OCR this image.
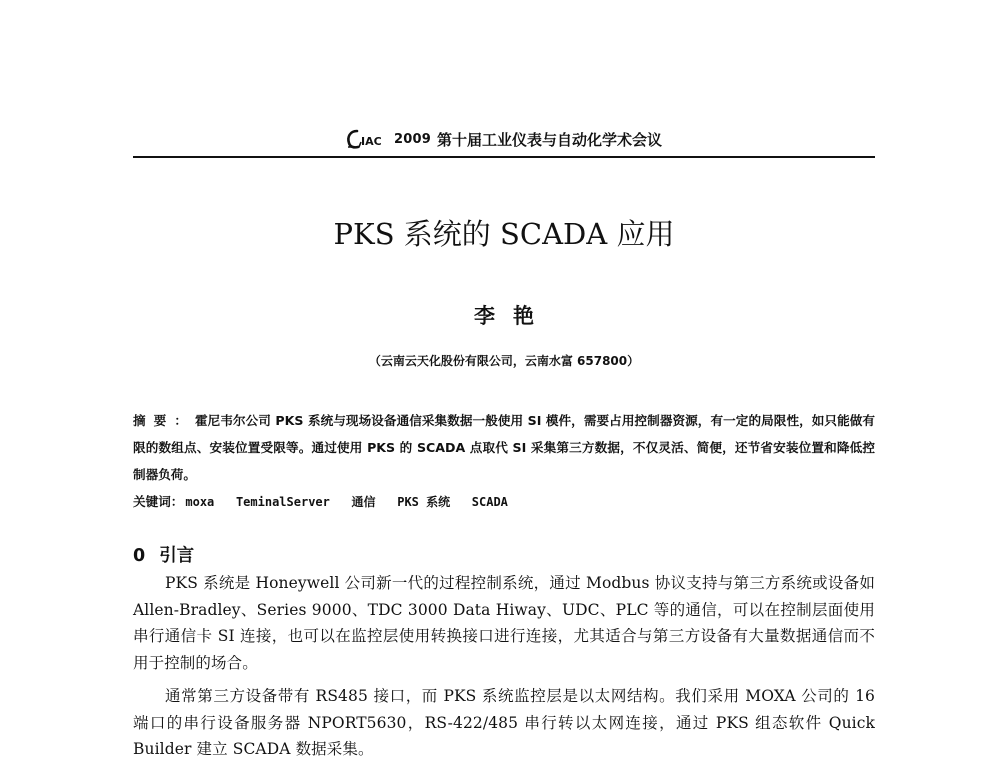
IAC 2009 第十届工业仪表与自动化学术会议
PKS 系统的 SCADA 应用
李艳
（云南云天化股份有限公司，云南水富 657800）
摘要：霍尼韦尔公司 PKS 系统与现场设备通信采集数据一般使用 SI 模件，需要占用控制器资源，有一定的局限性，如只能做有限的数组点、安装位置受限等。通过使用 PKS 的 SCADA 点取代 SI 采集第三方数据，不仅灵活、简便，还节省安装位置和降低控制器负荷。
关键词： moxa   TeminalServer   通信   PKS 系统   SCADA
0 引言
PKS 系统是 Honeywell 公司新一代的过程控制系统，通过 Modbus 协议支持与第三方系统或设备如 Allen-Bradley、Series 9000、TDC 3000 Data Hiway、UDC、PLC 等的通信，可以在控制层面使用串行通信卡 SI 连接，也可以在监控层使用转换接口进行连接，尤其适合与第三方设备有大量数据通信而不用于控制的场合。
通常第三方设备带有 RS485 接口，而 PKS 系统监控层是以太网结构。我们采用 MOXA 公司的 16 端口的串行设备服务器 NPORT5630，RS-422/485 串行转以太网连接，通过 PKS 组态软件 Quick Builder 建立 SCADA 数据采集。
